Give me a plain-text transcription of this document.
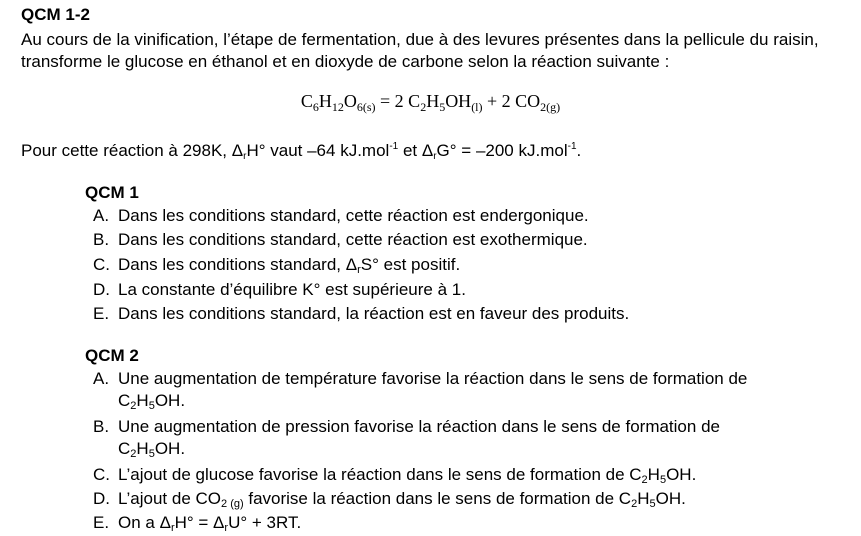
QCM 1-2
Au cours de la vinification, l’étape de fermentation, due à des levures présentes dans la pellicule du raisin, transforme le glucose en éthanol et en dioxyde de carbone selon la réaction suivante :
$C_6H_{12}O_{6(s)} = 2$ $C_2H_5OH_{(l)} + 2$ $CO_{2(g)}$
Pour cette réaction à 298K, $\Delta_rH^\circ$ vaut –64 kJ.mol$^{-1}$ et $\Delta_rG^\circ = -200$ kJ.mol$^{-1}$.
QCM 1
A. Dans les conditions standard, cette réaction est endergonique.
B. Dans les conditions standard, cette réaction est exothermique.
C. Dans les conditions standard, $\Delta_rS^\circ$ est positif.
D. La constante d’équilibre K° est supérieure à 1.
E. Dans les conditions standard, la réaction est en faveur des produits.
QCM 2
A. Une augmentation de température favorise la réaction dans le sens de formation de
$C_2H_5OH$.
B. Une augmentation de pression favorise la réaction dans le sens de formation de
$C_2H_5OH$.
C. L’ajout de glucose favorise la réaction dans le sens de formation de $C_2H_5OH$.
D. L’ajout de $CO_{2 (g)}$ favorise la réaction dans le sens de formation de $C_2H_5OH$.
E. On a $\Delta_rH^\circ = \Delta_rU^\circ + 3RT$.
